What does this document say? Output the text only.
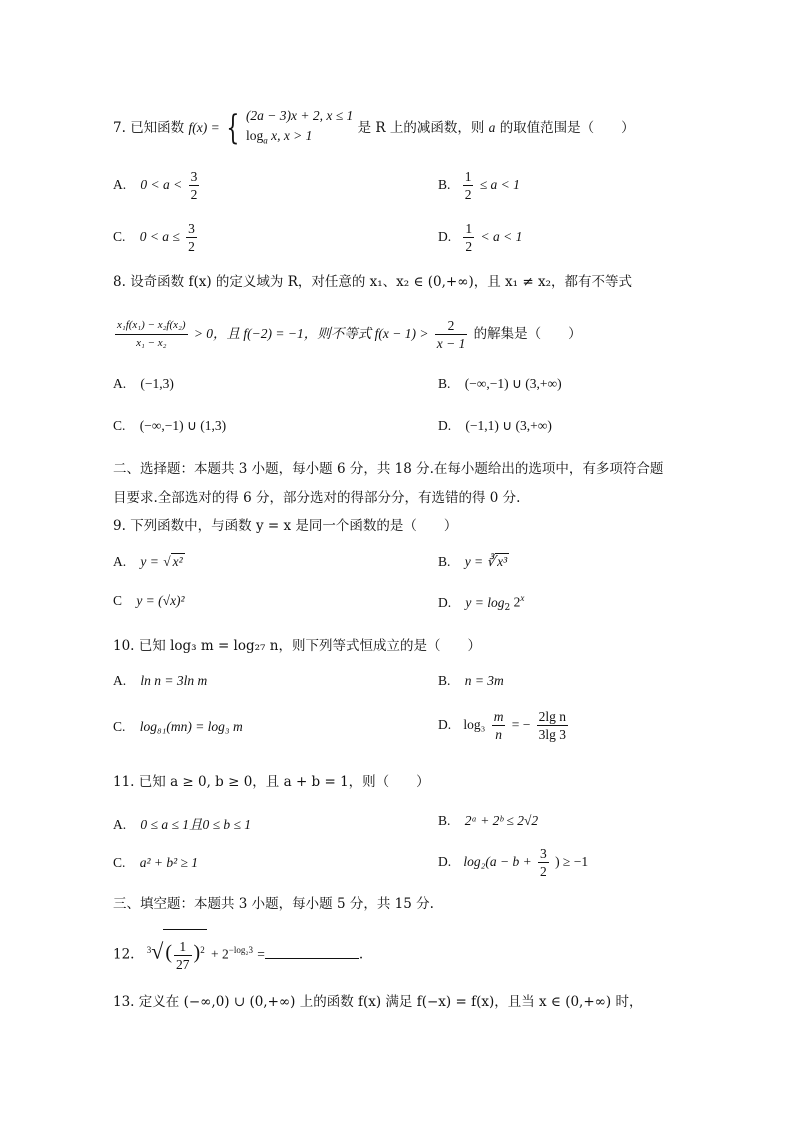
7. 已知函数 f(x) = { (2a − 3)x + 2, x ≤ 1
$\log_a x$, x > 1	是 R 上的减函数，则 a 的取值范围是（　　）
A. $0 < a < \frac{3}{2}$	B. $\frac{1}{2} \le a < 1$
C. $0 < a \le \frac{3}{2}$	D. $\frac{1}{2} < a < 1$
8. 设奇函数 f(x) 的定义域为 R，对任意的 x₁、x₂ ∈ (0,+∞)，且 x₁ ≠ x₂，都有不等式
$\frac{\text{x₁f(x₁) − x₂f(x₂)}}{\text{x₁ − x₂}} > 0$，且 f(−2) = −1，则不等式 $f(x - 1) > \frac{2}{x - 1}$ 的解集是（　　）
A. (−1,3)	B. (−∞,−1) ∪ (3,+∞)
C. (−∞,−1) ∪ (1,3)	D. (−1,1) ∪ (3,+∞)
二、选择题：本题共 3 小题，每小题 6 分，共 18 分.在每小题给出的选项中，有多项符合题
目要求.全部选对的得 6 分，部分选对的得部分分，有选错的得 0 分.
9. 下列函数中，与函数 y = x 是同一个函数的是（　　）
A. y = √ x²	B. y = ∛ x³
C y = (√x)²	D. $y = \log_2 2^x$
10. 已知 log₃ m = log₂₇ n，则下列等式恒成立的是（　　）
A. ln n = 3ln m	B. n = 3m
C. log₈₁(mn) = log₃ m	D. $\log_3 \frac{m}{n}$ = − $\frac{\text{2lg n}}{3\lg 3}$
11. 已知 a ≥ 0, b ≥ 0，且 a + b = 1，则（　　）
A. 0 ≤ a ≤ 1且0 ≤ b ≤ 1	B. 2ᵃ + 2ᵇ ≤ 2√2
C. a² + b² ≥ 1	D. $\log_2(a - b + \frac{3}{2}$ ) ≥ −1
三、填空题：本题共 3 小题，每小题 5 分，共 15 分.
12. $^3$√ ( $\frac{1}{27} )^2 + 2^{-log_23}$ =	.
13. 定义在 (−∞,0) ∪ (0,+∞) 上的函数 f(x) 满足 f(−x) = f(x)，且当 x ∈ (0,+∞) 时，
